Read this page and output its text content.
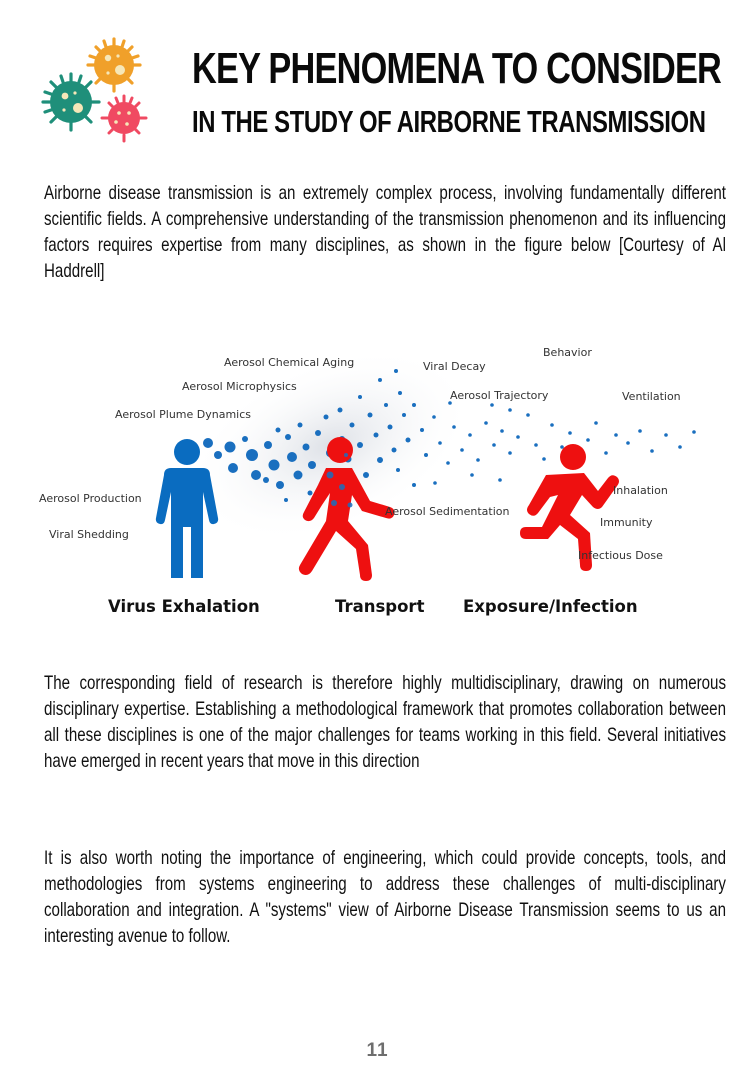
KEY PHENOMENA TO CONSIDER
IN THE STUDY OF AIRBORNE TRANSMISSION
Airborne disease transmission is an extremely complex process, involving fundamentally different scientific fields. A comprehensive understanding of the transmission phenomenon and its influencing factors requires expertise from many disciplines, as shown in the figure below [Courtesy of Al Haddrell]
Aerosol Chemical Aging
Aerosol Microphysics
Aerosol Plume Dynamics
Viral Decay
Behavior
Aerosol Trajectory	Ventilation
Aerosol Production
Viral Shedding
Aerosol Sedimentation
Inhalation
Immunity
Infectious Dose
Virus Exhalation	Transport Exposure/Infection
The corresponding field of research is therefore highly multidisciplinary, drawing on numerous disciplinary expertise. Establishing a methodological framework that promotes collaboration between all these disciplines is one of the major challenges for teams working in this field. Several initiatives have emerged in recent years that move in this direction
It is also worth noting the importance of engineering, which could provide concepts, tools, and methodologies from systems engineering to address these challenges of multi-disciplinary collaboration and integration. A "systems" view of Airborne Disease Transmission seems to us an interesting avenue to follow.
11
